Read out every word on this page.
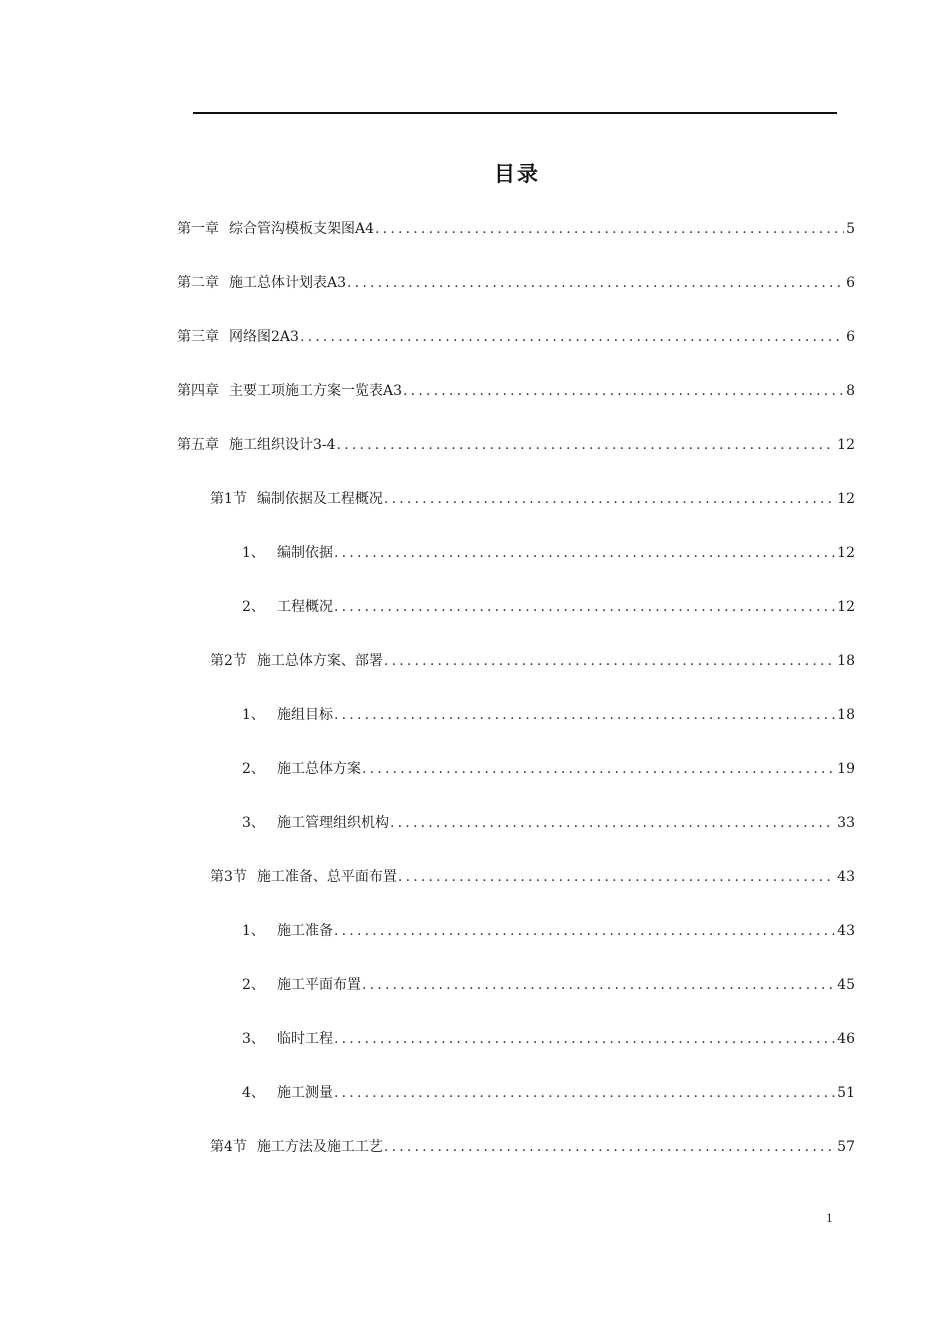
目录
第一章 综合管沟模板支架图A4 .....	5
第二章 施工总体计划表A3 .....	6
第三章 网络图2A3 .....	6
第四章 主要工项施工方案一览表A3 .....	8
第五章 施工组织设计3-4 .....	12
第1节 编制依据及工程概况 .....	12
1、 编制依据 .....	12
2、 工程概况 .....	12
第2节 施工总体方案、部署 .....	18
1、 施组目标 .....	18
2、 施工总体方案 .....	19
3、 施工管理组织机构 .....	33
第3节 施工准备、总平面布置 .....	43
1、 施工准备 .....	43
2、 施工平面布置 .....	45
3、 临时工程 .....	46
4、 施工测量 .....	51
第4节 施工方法及施工工艺 .....	57
1
